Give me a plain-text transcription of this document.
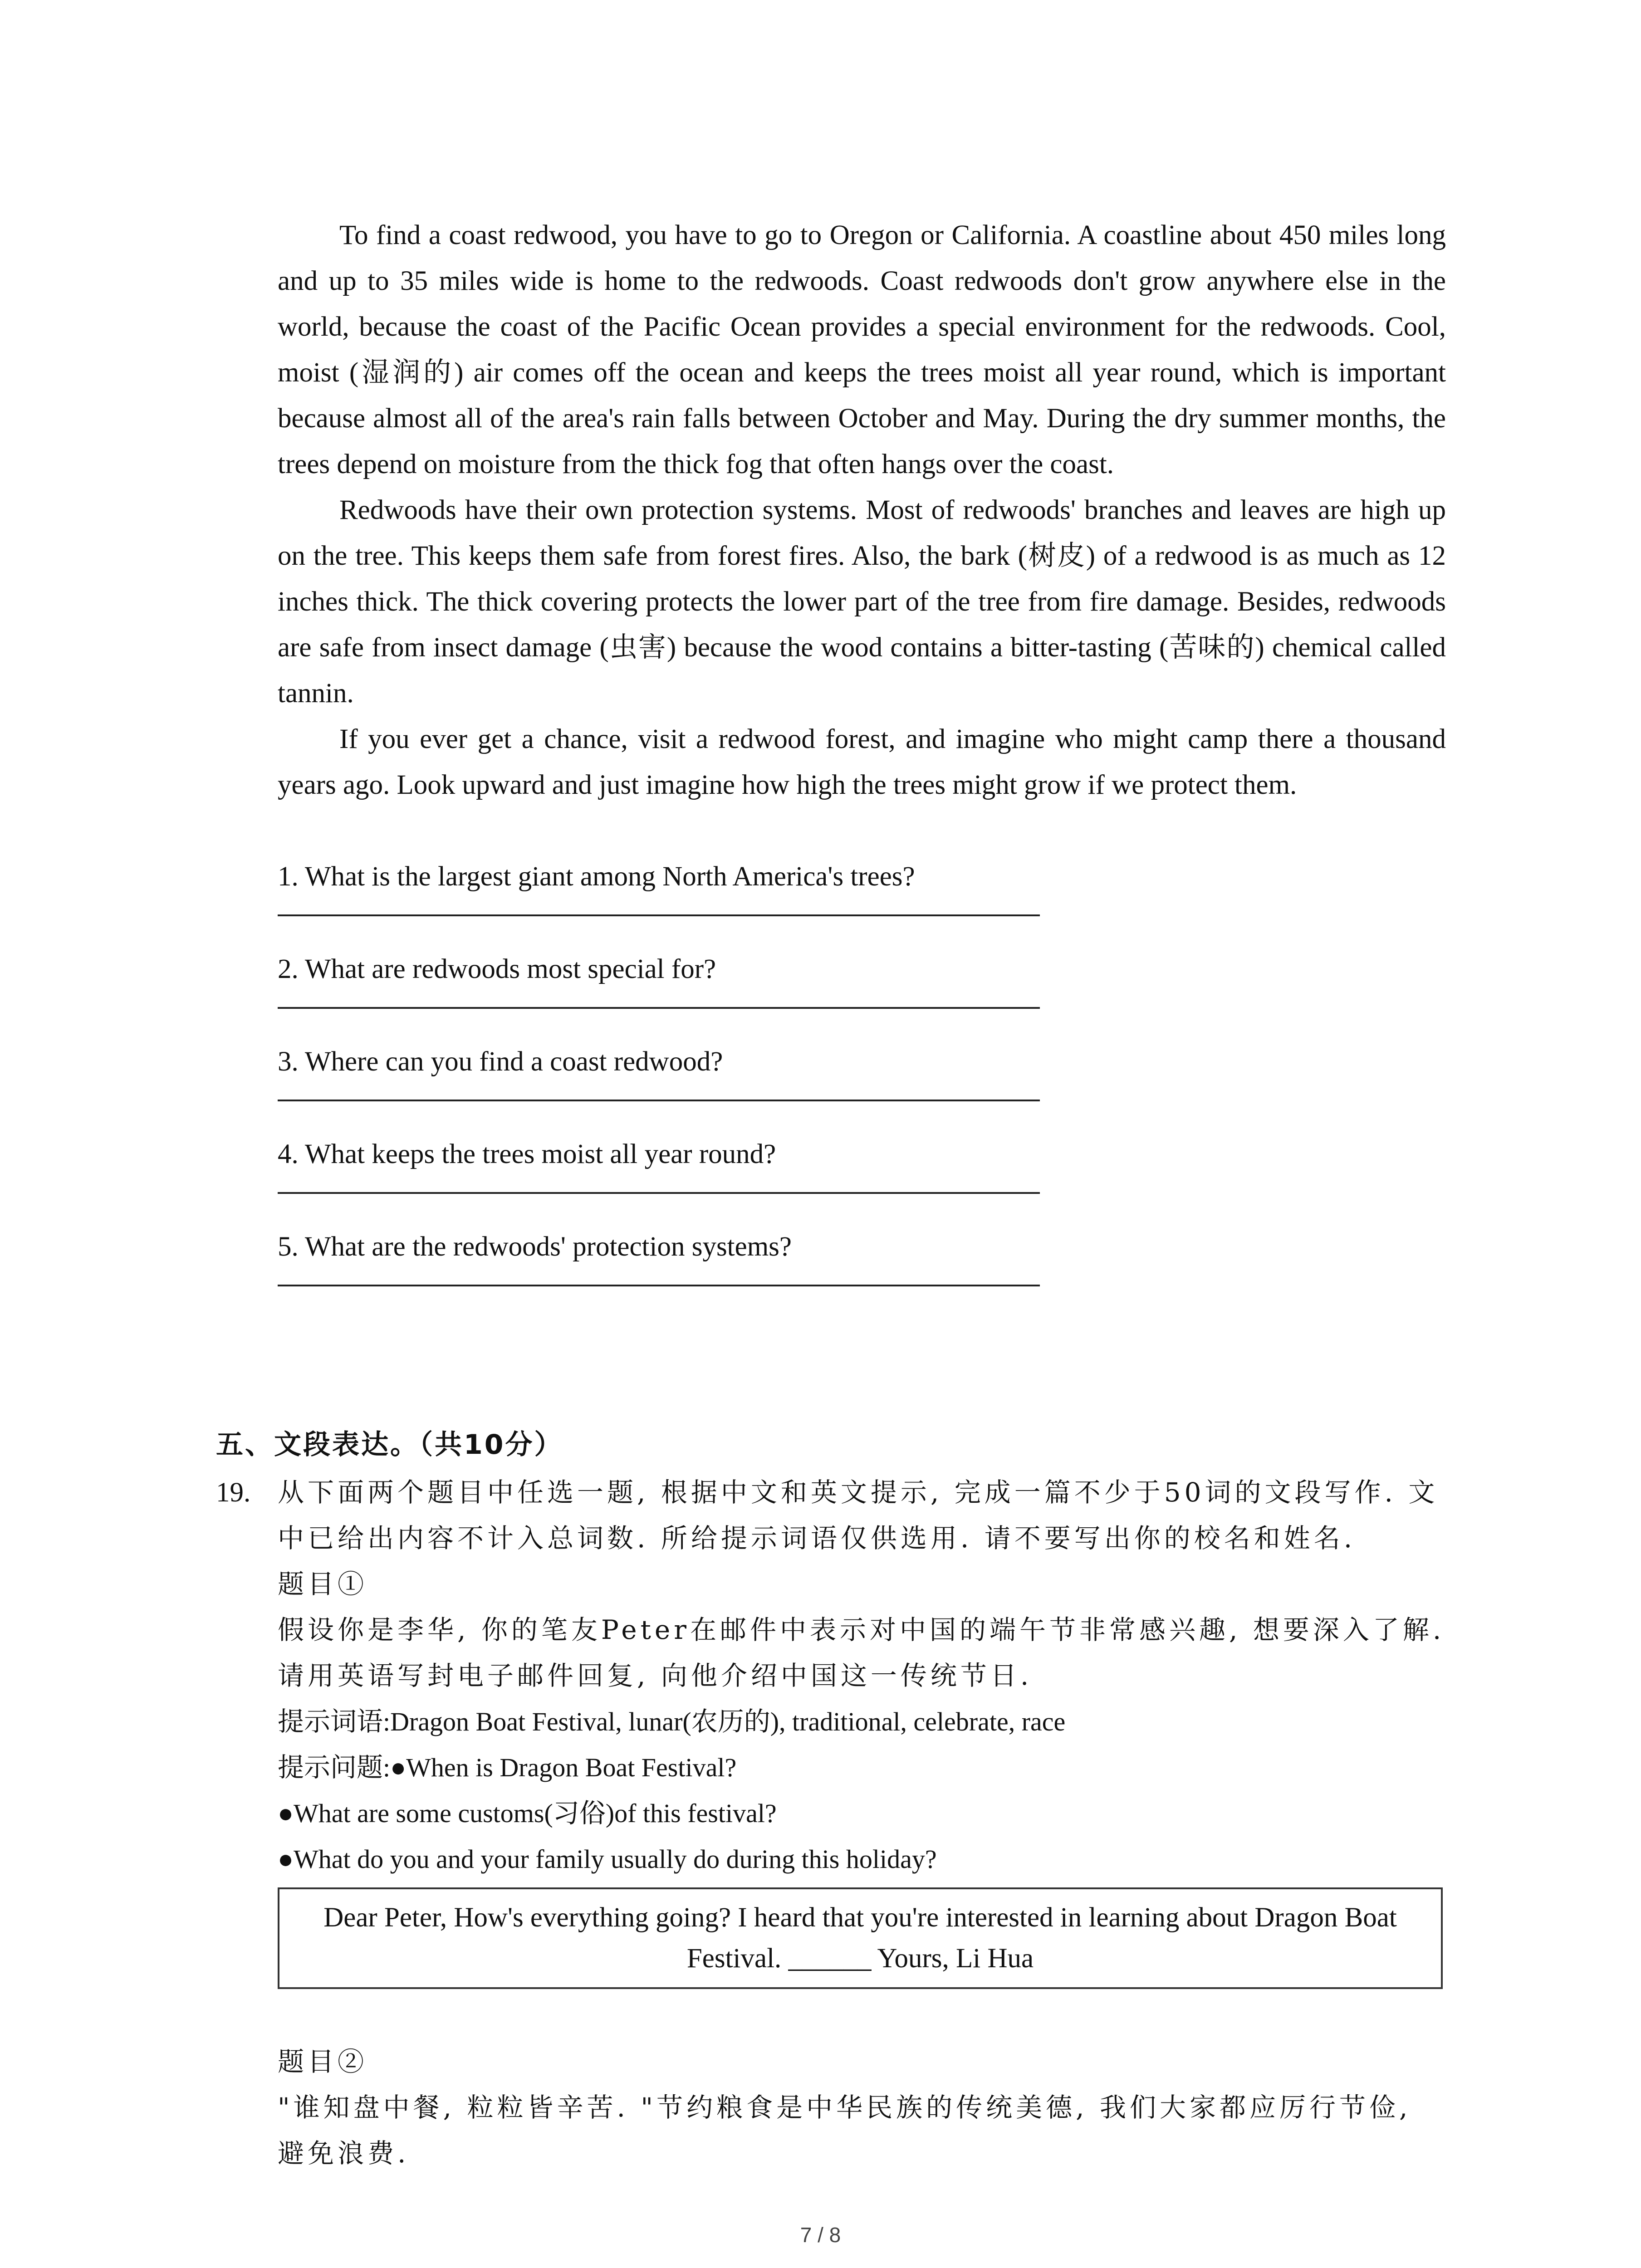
To find a coast redwood, you have to go to Oregon or California. A coastline about 450 miles long and up to 35 miles wide is home to the redwoods. Coast redwoods don't grow anywhere else in the world, because the coast of the Pacific Ocean provides a special environment for the redwoods. Cool, moist (湿润的) air comes off the ocean and keeps the trees moist all year round, which is important because almost all of the area's rain falls between October and May. During the dry summer months, the trees depend on moisture from the thick fog that often hangs over the coast.

Redwoods have their own protection systems. Most of redwoods' branches and leaves are high up on the tree. This keeps them safe from forest fires. Also, the bark (树皮) of a redwood is as much as 12 inches thick. The thick covering protects the lower part of the tree from fire damage. Besides, redwoods are safe from insect damage (虫害) because the wood contains a bitter-tasting (苦味的) chemical called tannin.

If you ever get a chance, visit a redwood forest, and imagine who might camp there a thousand years ago. Look upward and just imagine how high the trees might grow if we protect them.

1. What is the largest giant among North America's trees?

2. What are redwoods most special for?

3. Where can you find a coast redwood?

4. What keeps the trees moist all year round?

5. What are the redwoods' protection systems?

五、文段表达。（共10分）
19. 从下面两个题目中任选一题, 根据中文和英文提示, 完成一篇不少于50词的文段写作. 文

中已给出内容不计入总词数. 所给提示词语仅供选用. 请不要写出你的校名和姓名.

题目①

假设你是李华, 你的笔友Peter在邮件中表示对中国的端午节非常感兴趣, 想要深入了解.

请用英语写封电子邮件回复, 向他介绍中国这一传统节日.

提示词语:Dragon Boat Festival, lunar(农历的), traditional, celebrate, race

提示问题:●When is Dragon Boat Festival?

●What are some customs(习俗)of this festival?

●What do you and your family usually do during this holiday?

Dear Peter, How's everything going? I heard that you're interested in learning about Dragon Boat Festival. ______ Yours, Li Hua

题目②

"谁知盘中餐, 粒粒皆辛苦. "节约粮食是中华民族的传统美德, 我们大家都应厉行节俭,

避免浪费.

7 / 8
